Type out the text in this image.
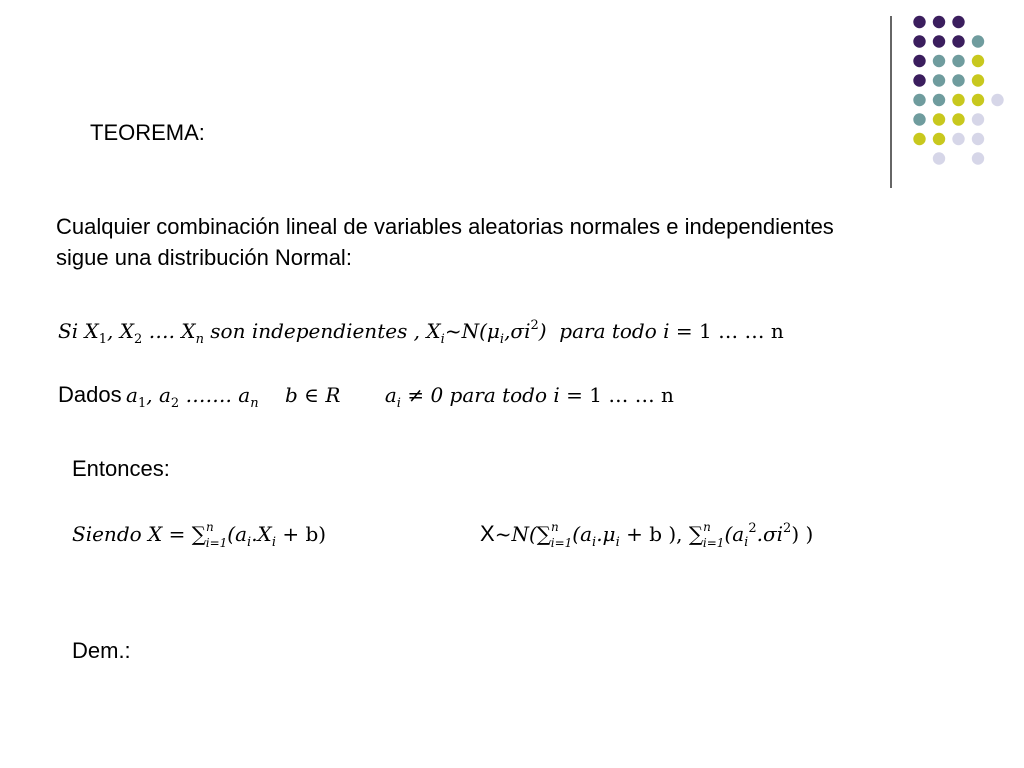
TEOREMA:
Cualquier combinación lineal de variables aleatorias normales e independientes
sigue una distribución Normal:
Si $X_1$, $X_2$ …. $X_n$ son independientes , $X_i\sim N(\mu_i,\sigma i^2)$  para todo i = 1 … … n
Dados $a_1$, $a_2$ ……. $a_n$ b ∈ R $a_i \ne 0$ para todo i = 1 … … n
Entonces:
Siendo $X = \sum^n_{i=1}(a_i.X_i + b)$	$X\sim N(\sum^n_{i=1}(a_i.\mu_i + b$ ), $\sum^n_{i=1}(a_i^2.\sigma i^2)$ )
Dem.:
